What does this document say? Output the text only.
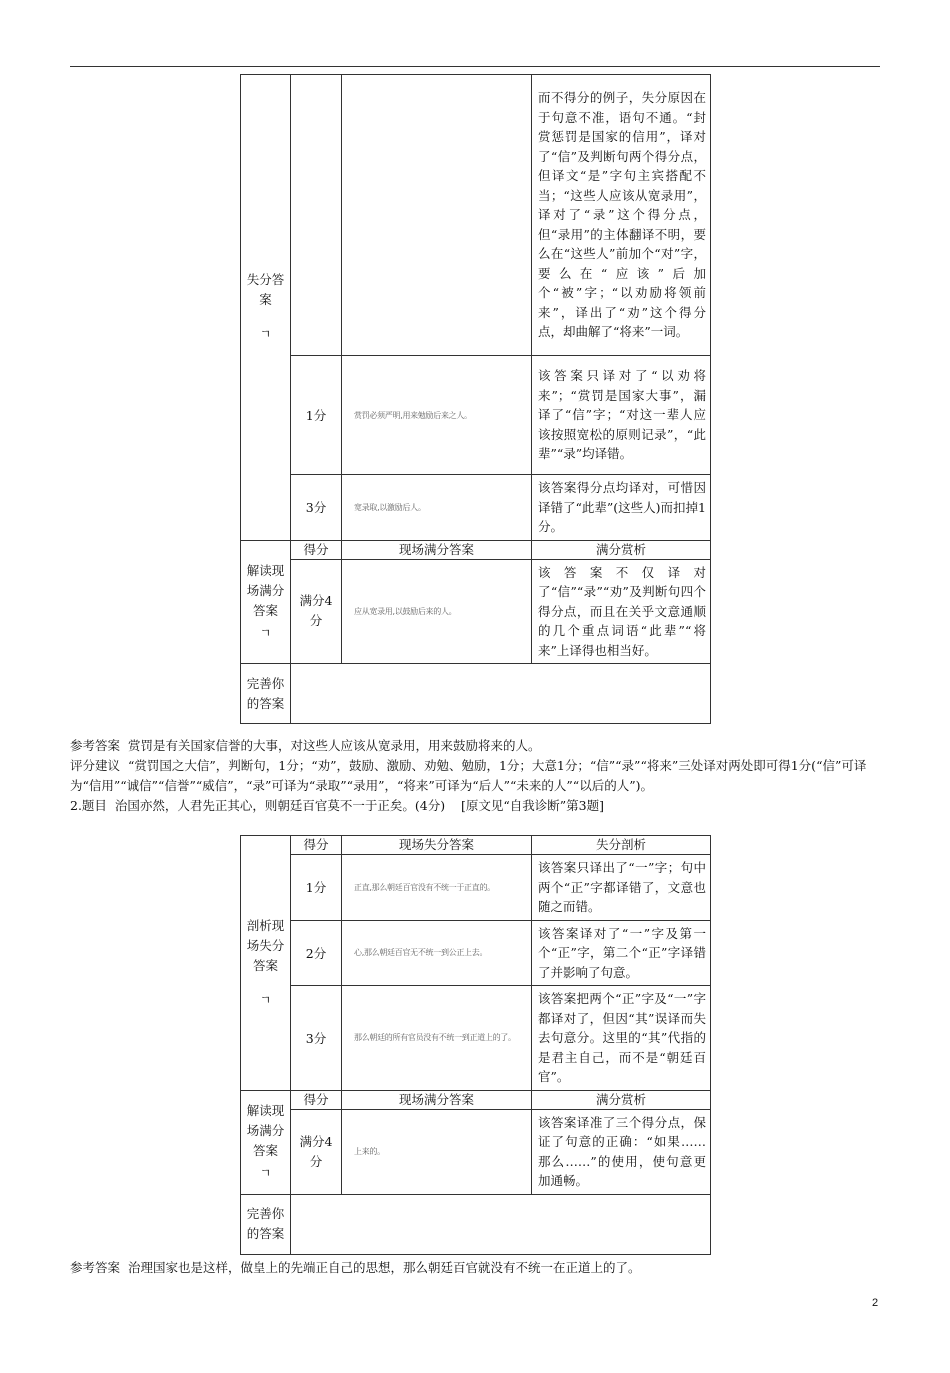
失分答案
ㄱ			而不得分的例子，失分原因在于句意不准，语句不通。“封赏惩罚是国家的信用”，译对了“信”及判断句两个得分点，但译文“是”字句主宾搭配不当；“这些人应该从宽录用”，译对了“录”这个得分点，但“录用”的主体翻译不明，要么在“这些人”前加个“对”字，要么在“应该”后加个“被”字；“以劝励将领前来”，译出了“劝”这个得分点，却曲解了“将来”一词。
	1分	赏罚必须严明,用来勉励后来之人。	该答案只译对了“以劝将来”；“赏罚是国家大事”，漏译了“信”字；“对这一辈人应该按照宽松的原则记录”，“此辈”“录”均译错。
	3分	宽录取,以激励后人。	该答案得分点均译对，可惜因译错了“此辈”(这些人)而扣掉1分。
解读现场满分答案
ㄱ	得分	现场满分答案	满分赏析
	满分4分	应从宽录用,以鼓励后来的人。	该答案不仅译对了“信”“录”“劝”及判断句四个得分点，而且在关乎文意通顺的几个重点词语“此辈”“将来”上译得也相当好。
完善你的答案			

参考答案 赏罚是有关国家信誉的大事，对这些人应该从宽录用，用来鼓励将来的人。

评分建议 “赏罚国之大信”，判断句，1分；“劝”，鼓励、激励、劝勉、勉励，1分；大意1分；“信”“录”“将来”三处译对两处即可得1分(“信”可译为“信用”“诚信”“信誉”“威信”，“录”可译为“录取”“录用”，“将来”可译为“后人”“未来的人”“以后的人”)。

2.题目 治国亦然，人君先正其心，则朝廷百官莫不一于正矣。(4分) [原文见“自我诊断”第3题]

剖析现场失分答案
ㄱ	得分	现场失分答案	失分剖析
	1分	正直,那么朝廷百官没有不统一于正直的。	该答案只译出了“一”字；句中两个“正”字都译错了，文意也随之而错。
	2分	心,那么朝廷百官无不统一到公正上去。	该答案译对了“一”字及第一个“正”字，第二个“正”字译错了并影响了句意。
	3分	那么朝廷的所有官员没有不统一到正道上的了。	该答案把两个“正”字及“一”字都译对了，但因“其”误译而失去句意分。这里的“其”代指的是君主自己，而不是“朝廷百官”。
解读现场满分答案
ㄱ	得分	现场满分答案	满分赏析
	满分4分	上来的。	该答案译准了三个得分点，保证了句意的正确：“如果……那么……”的使用，使句意更加通畅。
完善你的答案			

参考答案 治理国家也是这样，做皇上的先端正自己的思想，那么朝廷百官就没有不统一在正道上的了。

2
